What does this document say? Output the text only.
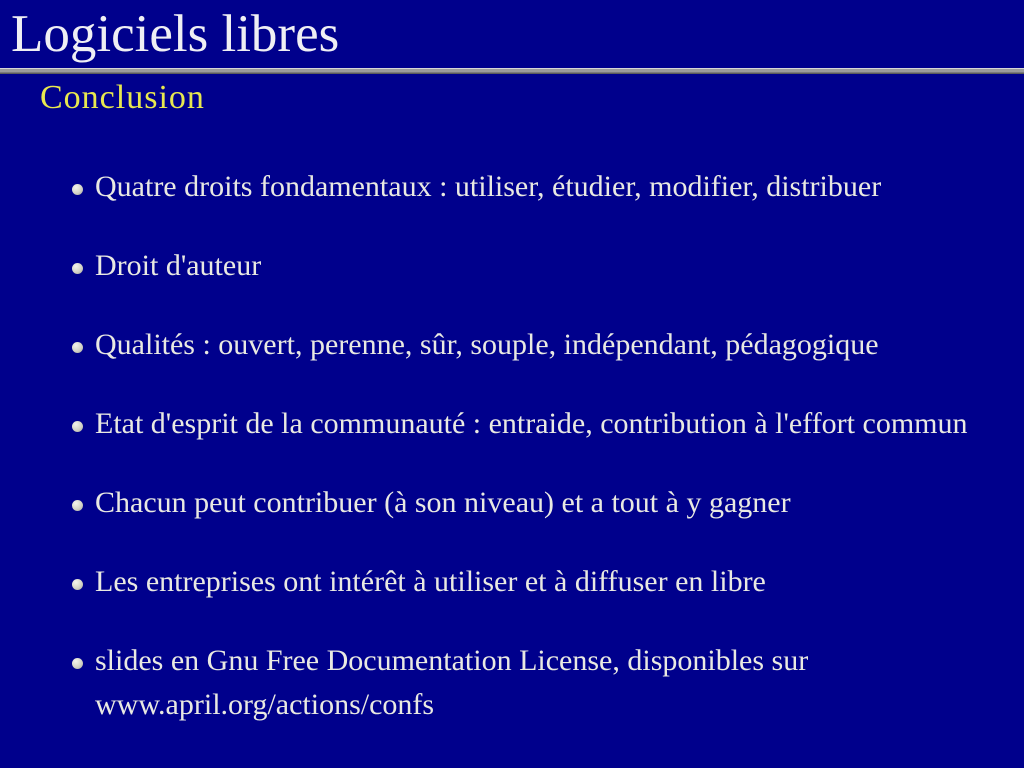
Logiciels libres
Conclusion
Quatre droits fondamentaux : utiliser, étudier, modifier, distribuer
Droit d'auteur
Qualités : ouvert, perenne, sûr, souple, indépendant, pédagogique
Etat d'esprit de la communauté : entraide, contribution à l'effort commun
Chacun peut contribuer (à son niveau) et a tout à y gagner
Les entreprises ont intérêt à utiliser et à diffuser en libre
slides en Gnu Free Documentation License, disponibles sur www.april.org/actions/confs
